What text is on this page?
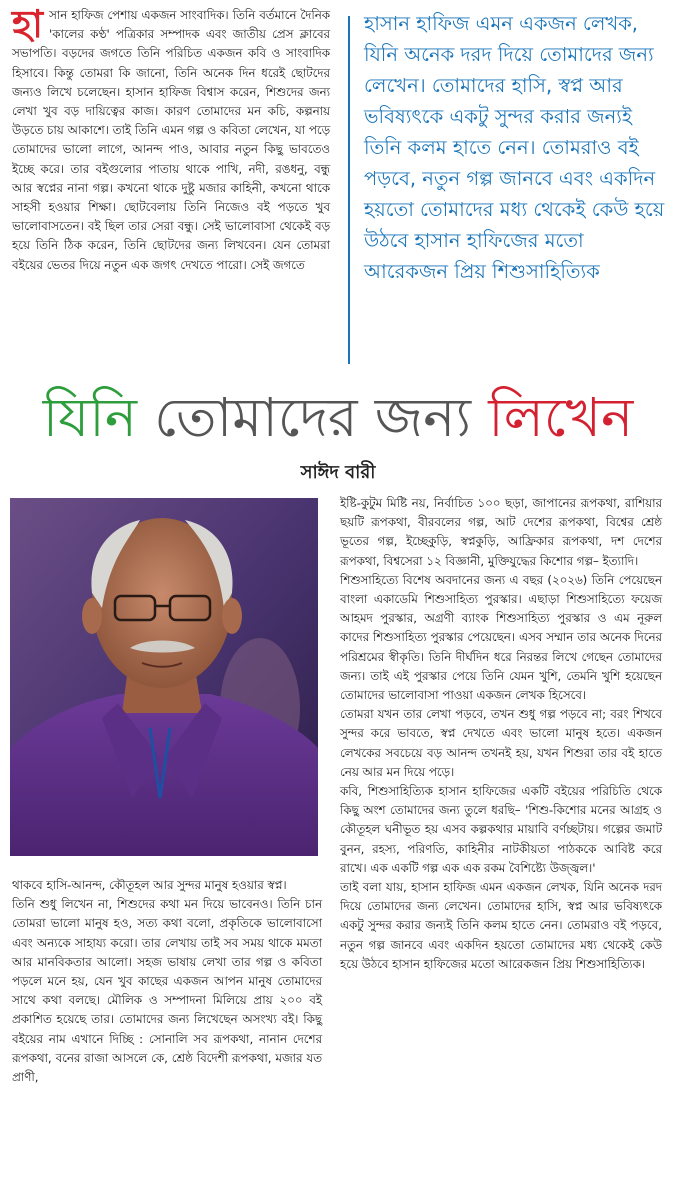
হাসান হাফিজ পেশায় একজন সাংবাদিক। তিনি বর্তমানে দৈনিক 'কালের কণ্ঠ' পত্রিকার সম্পাদক এবং জাতীয় প্রেস ক্লাবের সভাপতি। বড়দের জগতে তিনি পরিচিত একজন কবি ও সাংবাদিক হিসাবে। কিন্তু তোমরা কি জানো, তিনি অনেক দিন ধরেই ছোটদের জন্যও লিখে চলেছেন। হাসান হাফিজ বিশ্বাস করেন, শিশুদের জন্য লেখা খুব বড় দায়িত্বের কাজ। কারণ তোমাদের মন কচি, কল্পনায় উড়তে চায় আকাশে। তাই তিনি এমন গল্প ও কবিতা লেখেন, যা পড়ে তোমাদের ভালো লাগে, আনন্দ পাও, আবার নতুন কিছু ভাবতেও ইচ্ছে করে। তার বইগুলোর পাতায় থাকে পাখি, নদী, রঙধনু, বন্ধু আর স্বপ্নের নানা গল্প। কখনো থাকে দুষ্টু মজার কাহিনী, কখনো থাকে সাহসী হওয়ার শিক্ষা। ছোটবেলায় তিনি নিজেও বই পড়তে খুব ভালোবাসতেন। বই ছিল তার সেরা বন্ধু। সেই ভালোবাসা থেকেই বড় হয়ে তিনি ঠিক করেন, তিনি ছোটদের জন্য লিখবেন। যেন তোমরা বইয়ের ভেতর দিয়ে নতুন এক জগৎ দেখতে পারো। সেই জগতে
হাসান হাফিজ এমন একজন লেখক, যিনি অনেক দরদ দিয়ে তোমাদের জন্য লেখেন। তোমাদের হাসি, স্বপ্ন আর ভবিষ্যৎকে একটু সুন্দর করার জন্যই তিনি কলম হাতে নেন। তোমরাও বই পড়বে, নতুন গল্প জানবে এবং একদিন হয়তো তোমাদের মধ্য থেকেই কেউ হয়ে উঠবে হাসান হাফিজের মতো আরেকজন প্রিয় শিশুসাহিত্যিক
যিনি তোমাদের জন্য লিখেন
সাঈদ বারী

ইষ্টি-কুটুম মিষ্টি নয়, নির্বাচিত ১০০ ছড়া, জাপানের রূপকথা, রাশিয়ার ছয়টি রূপকথা, বীরবলের গল্প, আট দেশের রূপকথা, বিশ্বের শ্রেষ্ঠ ভূতের গল্প, ইচ্ছেকুড়ি, স্বপ্নকুড়ি, আফ্রিকার রূপকথা, দশ দেশের রূপকথা, বিশ্বসেরা ১২ বিজ্ঞানী, মুক্তিযুদ্ধের কিশোর গল্প– ইত্যাদি।

শিশুসাহিত্যে বিশেষ অবদানের জন্য এ বছর (২০২৬) তিনি পেয়েছেন বাংলা একাডেমি শিশুসাহিত্য পুরস্কার। এছাড়া শিশুসাহিত্যে ফয়েজ আহমদ পুরস্কার, অগ্রণী ব্যাংক শিশুসাহিত্য পুরস্কার ও এম নূরুল কাদের শিশুসাহিত্য পুরস্কার পেয়েছেন। এসব সম্মান তার অনেক দিনের পরিশ্রমের স্বীকৃতি। তিনি দীর্ঘদিন ধরে নিরন্তর লিখে গেছেন তোমাদের জন্য। তাই এই পুরস্কার পেয়ে তিনি যেমন খুশি, তেমনি খুশি হয়েছেন তোমাদের ভালোবাসা পাওয়া একজন লেখক হিসেবে।

তোমরা যখন তার লেখা পড়বে, তখন শুধু গল্প পড়বে না; বরং শিখবে সুন্দর করে ভাবতে, স্বপ্ন দেখতে এবং ভালো মানুষ হতে। একজন লেখকের সবচেয়ে বড় আনন্দ তখনই হয়, যখন শিশুরা তার বই হাতে নেয় আর মন দিয়ে পড়ে।

কবি, শিশুসাহিত্যিক হাসান হাফিজের একটি বইয়ের পরিচিতি থেকে কিছু অংশ তোমাদের জন্য তুলে ধরছি– 'শিশু-কিশোর মনের আগ্রহ ও কৌতূহল ঘনীভূত হয় এসব কল্পকথার মায়াবি বর্ণচ্ছটায়। গল্পের জমাট বুনন, রহস্য, পরিণতি, কাহিনীর নাটকীয়তা পাঠককে আবিষ্ট করে রাখে। এক একটি গল্প এক এক রকম বৈশিষ্ট্যে উজ্জ্বল।'

তাই বলা যায়, হাসান হাফিজ এমন একজন লেখক, যিনি অনেক দরদ দিয়ে তোমাদের জন্য লেখেন। তোমাদের হাসি, স্বপ্ন আর ভবিষ্যৎকে একটু সুন্দর করার জন্যই তিনি কলম হাতে নেন। তোমরাও বই পড়বে, নতুন গল্প জানবে এবং একদিন হয়তো তোমাদের মধ্য থেকেই কেউ হয়ে উঠবে হাসান হাফিজের মতো আরেকজন প্রিয় শিশুসাহিত্যিক।

থাকবে হাসি-আনন্দ, কৌতূহল আর সুন্দর মানুষ হওয়ার স্বপ্ন।

তিনি শুধু লিখেন না, শিশুদের কথা মন দিয়ে ভাবেনও। তিনি চান তোমরা ভালো মানুষ হও, সত্য কথা বলো, প্রকৃতিকে ভালোবাসো এবং অন্যকে সাহায্য করো। তার লেখায় তাই সব সময় থাকে মমতা আর মানবিকতার আলো। সহজ ভাষায় লেখা তার গল্প ও কবিতা পড়লে মনে হয়, যেন খুব কাছের একজন আপন মানুষ তোমাদের সাথে কথা বলছে। মৌলিক ও সম্পাদনা মিলিয়ে প্রায় ২০০ বই প্রকাশিত হয়েছে তার। তোমাদের জন্য লিখেছেন অসংখ্য বই। কিছু বইয়ের নাম এখানে দিচ্ছি : সোনালি সব রূপকথা, নানান দেশের রূপকথা, বনের রাজা আসলে কে, শ্রেষ্ঠ বিদেশী রূপকথা, মজার যত প্রাণী,
